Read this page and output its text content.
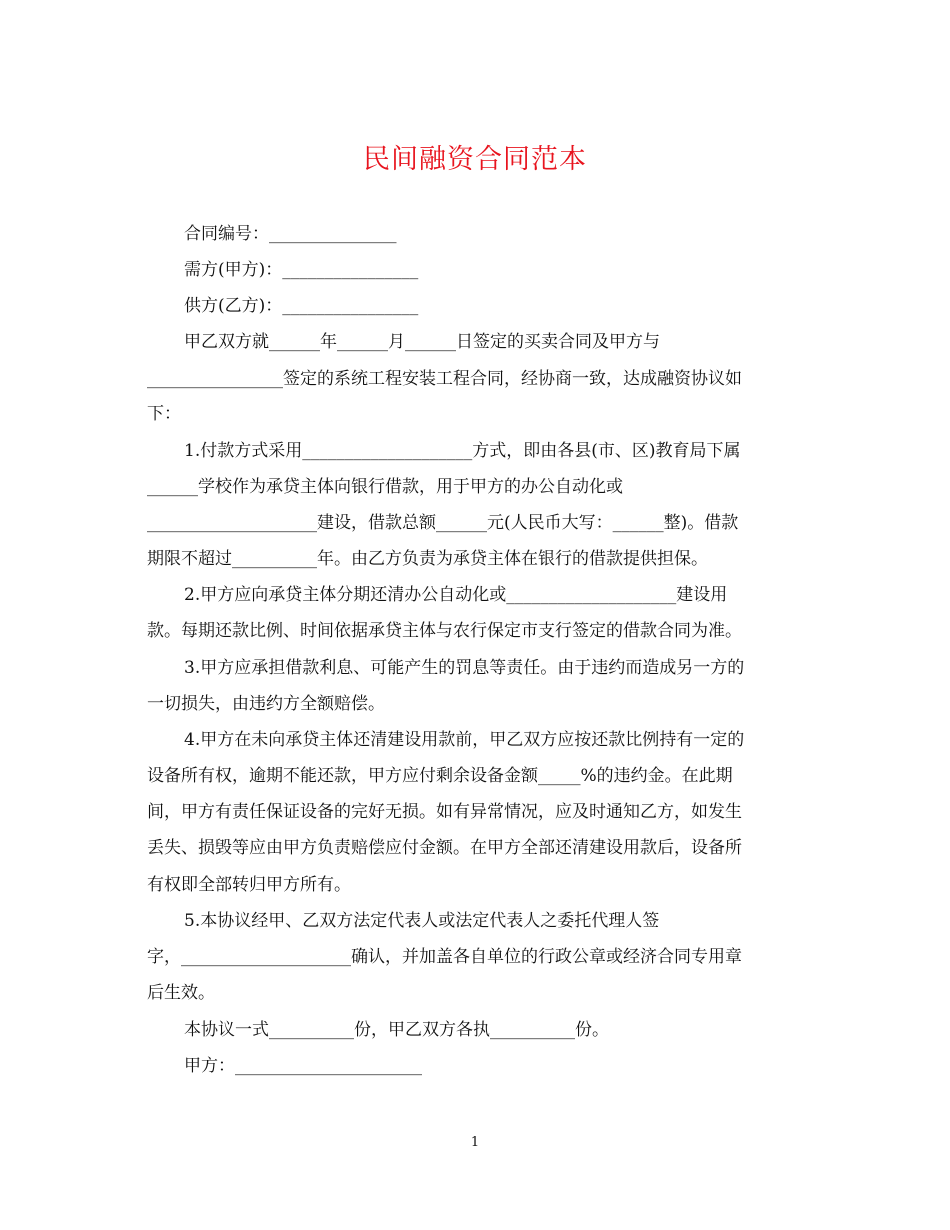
民间融资合同范本
合同编号：_______________
需方(甲方)：________________
供方(乙方)：________________
甲乙双方就______年______月______日签定的买卖合同及甲方与
________________签定的系统工程安装工程合同，经协商一致，达成融资协议如
下：
1.付款方式采用____________________方式，即由各县(市、区)教育局下属
______学校作为承贷主体向银行借款，用于甲方的办公自动化或
____________________建设，借款总额______元(人民币大写：______整)。借款
期限不超过__________年。由乙方负责为承贷主体在银行的借款提供担保。
2.甲方应向承贷主体分期还清办公自动化或____________________建设用
款。每期还款比例、时间依据承贷主体与农行保定市支行签定的借款合同为准。
3.甲方应承担借款利息、可能产生的罚息等责任。由于违约而造成另一方的
一切损失，由违约方全额赔偿。
4.甲方在未向承贷主体还清建设用款前，甲乙双方应按还款比例持有一定的
设备所有权，逾期不能还款，甲方应付剩余设备金额_____%的违约金。在此期
间，甲方有责任保证设备的完好无损。如有异常情况，应及时通知乙方，如发生
丢失、损毁等应由甲方负责赔偿应付金额。在甲方全部还清建设用款后，设备所
有权即全部转归甲方所有。
5.本协议经甲、乙双方法定代表人或法定代表人之委托代理人签
字，____________________确认，并加盖各自单位的行政公章或经济合同专用章
后生效。
本协议一式__________份，甲乙双方各执__________份。
甲方：______________________
1
